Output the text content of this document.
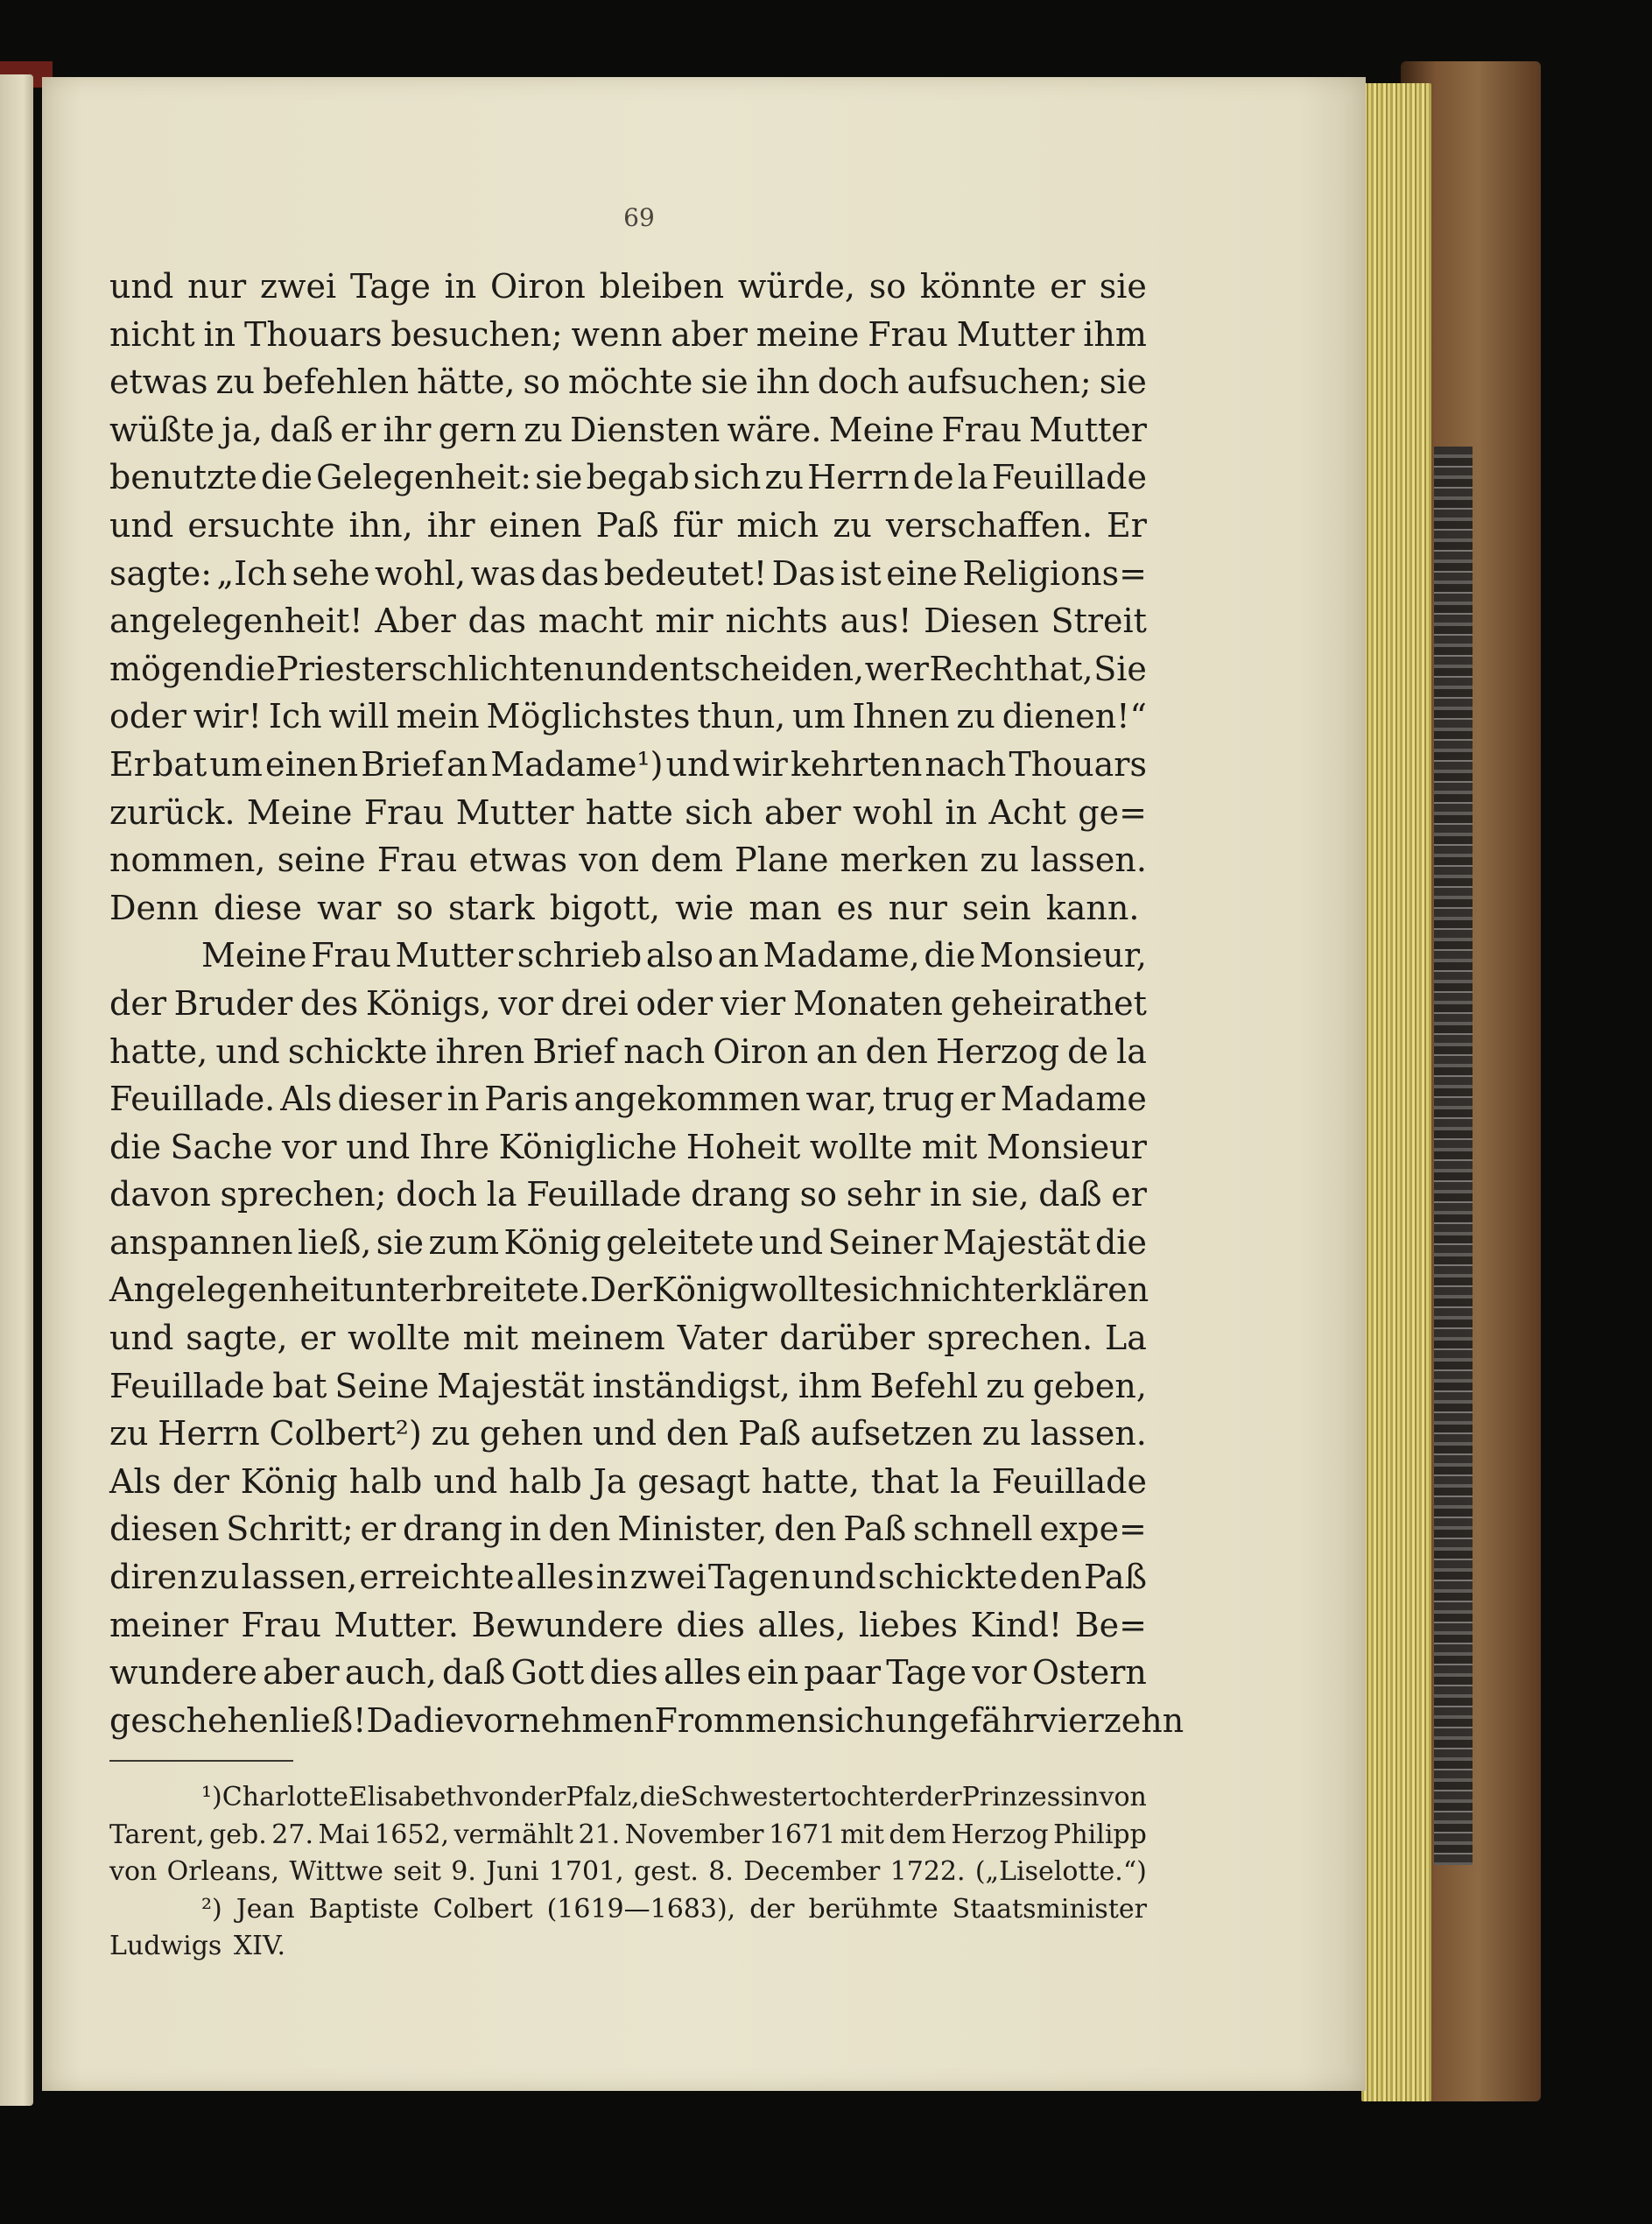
69
und nur zwei Tage in Oiron bleiben würde, so könnte er sie
nicht in Thouars besuchen; wenn aber meine Frau Mutter ihm
etwas zu befehlen hätte, so möchte sie ihn doch aufsuchen; sie
wüßte ja, daß er ihr gern zu Diensten wäre. Meine Frau Mutter
benutzte die Gelegenheit: sie begab sich zu Herrn de la Feuillade
und ersuchte ihn, ihr einen Paß für mich zu verschaffen. Er
sagte: „Ich sehe wohl, was das bedeutet! Das ist eine Religions=
angelegenheit! Aber das macht mir nichts aus! Diesen Streit
mögen die Priester schlichten und entscheiden, wer Recht hat, Sie
oder wir! Ich will mein Möglichstes thun, um Ihnen zu dienen!“
Er bat um einen Brief an Madame¹) und wir kehrten nach Thouars
zurück. Meine Frau Mutter hatte sich aber wohl in Acht ge=
nommen, seine Frau etwas von dem Plane merken zu lassen.
Denn diese war so stark bigott, wie man es nur sein kann.
Meine Frau Mutter schrieb also an Madame, die Monsieur,
der Bruder des Königs, vor drei oder vier Monaten geheirathet
hatte, und schickte ihren Brief nach Oiron an den Herzog de la
Feuillade. Als dieser in Paris angekommen war, trug er Madame
die Sache vor und Ihre Königliche Hoheit wollte mit Monsieur
davon sprechen; doch la Feuillade drang so sehr in sie, daß er
anspannen ließ, sie zum König geleitete und Seiner Majestät die
Angelegenheit unterbreitete. Der König wollte sich nicht erklären
und sagte, er wollte mit meinem Vater darüber sprechen. La
Feuillade bat Seine Majestät inständigst, ihm Befehl zu geben,
zu Herrn Colbert²) zu gehen und den Paß aufsetzen zu lassen.
Als der König halb und halb Ja gesagt hatte, that la Feuillade
diesen Schritt; er drang in den Minister, den Paß schnell expe=
diren zu lassen, erreichte alles in zwei Tagen und schickte den Paß
meiner Frau Mutter. Bewundere dies alles, liebes Kind! Be=
wundere aber auch, daß Gott dies alles ein paar Tage vor Ostern
geschehen ließ! Da die vornehmen Frommen sich ungefähr vierzehn
¹) Charlotte Elisabeth von der Pfalz, die Schwestertochter der Prinzessin von
Tarent, geb. 27. Mai 1652, vermählt 21. November 1671 mit dem Herzog Philipp
von Orleans, Wittwe seit 9. Juni 1701, gest. 8. December 1722. („Liselotte.“)
²) Jean Baptiste Colbert (1619—1683), der berühmte Staatsminister
Ludwigs XIV.
